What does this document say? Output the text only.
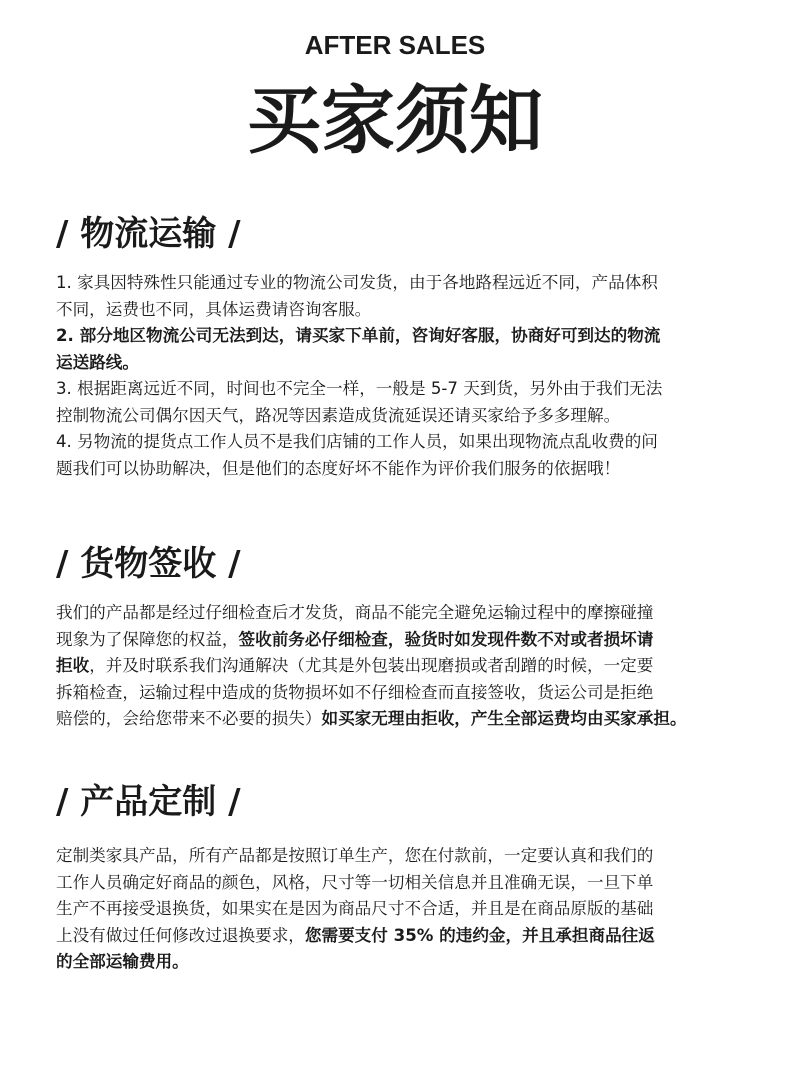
AFTER SALES
买家须知
/ 物流运输 /
1. 家具因特殊性只能通过专业的物流公司发货，由于各地路程远近不同，产品体积
不同，运费也不同，具体运费请咨询客服。
2. 部分地区物流公司无法到达，请买家下单前，咨询好客服，协商好可到达的物流
运送路线。
3. 根据距离远近不同，时间也不完全一样，一般是 5-7 天到货，另外由于我们无法
控制物流公司偶尔因天气，路况等因素造成货流延误还请买家给予多多理解。
4. 另物流的提货点工作人员不是我们店铺的工作人员，如果出现物流点乱收费的问
题我们可以协助解决，但是他们的态度好坏不能作为评价我们服务的依据哦！
/ 货物签收 /
我们的产品都是经过仔细检查后才发货，商品不能完全避免运输过程中的摩擦碰撞
现象为了保障您的权益，签收前务必仔细检查，验货时如发现件数不对或者损坏请
拒收，并及时联系我们沟通解决（尤其是外包装出现磨损或者刮蹭的时候，一定要
拆箱检查，运输过程中造成的货物损坏如不仔细检查而直接签收，货运公司是拒绝
赔偿的，会给您带来不必要的损失）如买家无理由拒收，产生全部运费均由买家承担。
/ 产品定制 /
定制类家具产品，所有产品都是按照订单生产，您在付款前，一定要认真和我们的
工作人员确定好商品的颜色，风格，尺寸等一切相关信息并且准确无误，一旦下单
生产不再接受退换货，如果实在是因为商品尺寸不合适，并且是在商品原版的基础
上没有做过任何修改过退换要求，您需要支付 35% 的违约金，并且承担商品往返
的全部运输费用。
